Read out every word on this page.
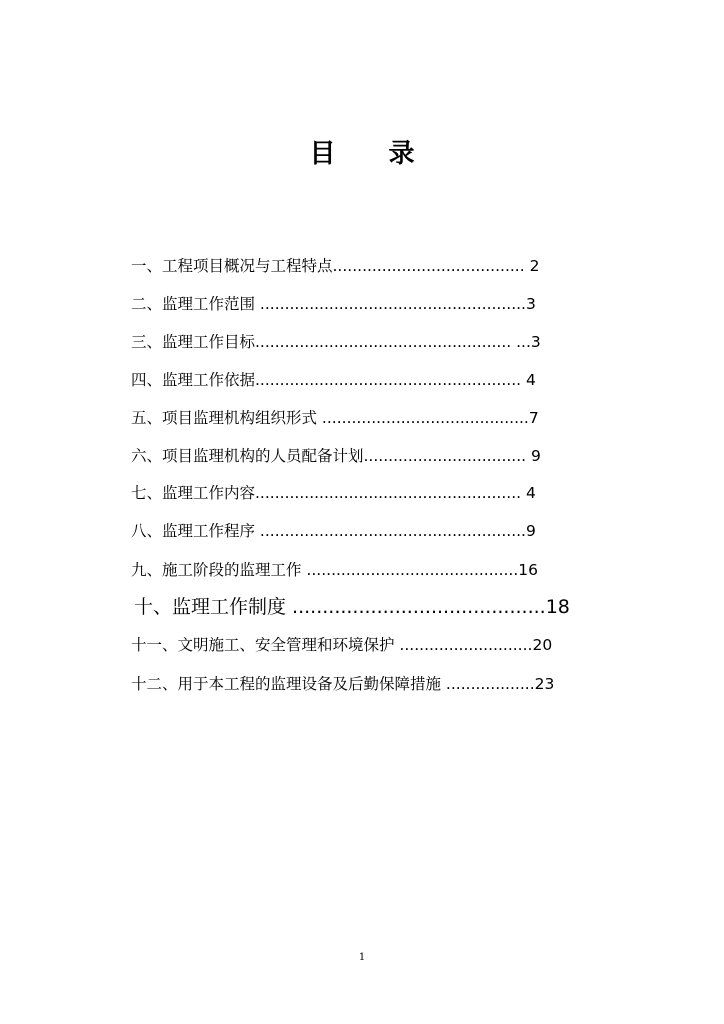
目 录
一、工程项目概况与工程特点....................................... 2
二、监理工作范围 ......................................................3
三、监理工作目标.................................................... ...3
四、监理工作依据...................................................... 4
五、项目监理机构组织形式 ..........................................7
六、项目监理机构的人员配备计划................................. 9
七、监理工作内容...................................................... 4
八、监理工作程序 ......................................................9
九、施工阶段的监理工作 ...........................................16
十、监理工作制度 ..........................................18
十一、文明施工、安全管理和环境保护 ...........................20
十二、用于本工程的监理设备及后勤保障措施 ..................23
1
